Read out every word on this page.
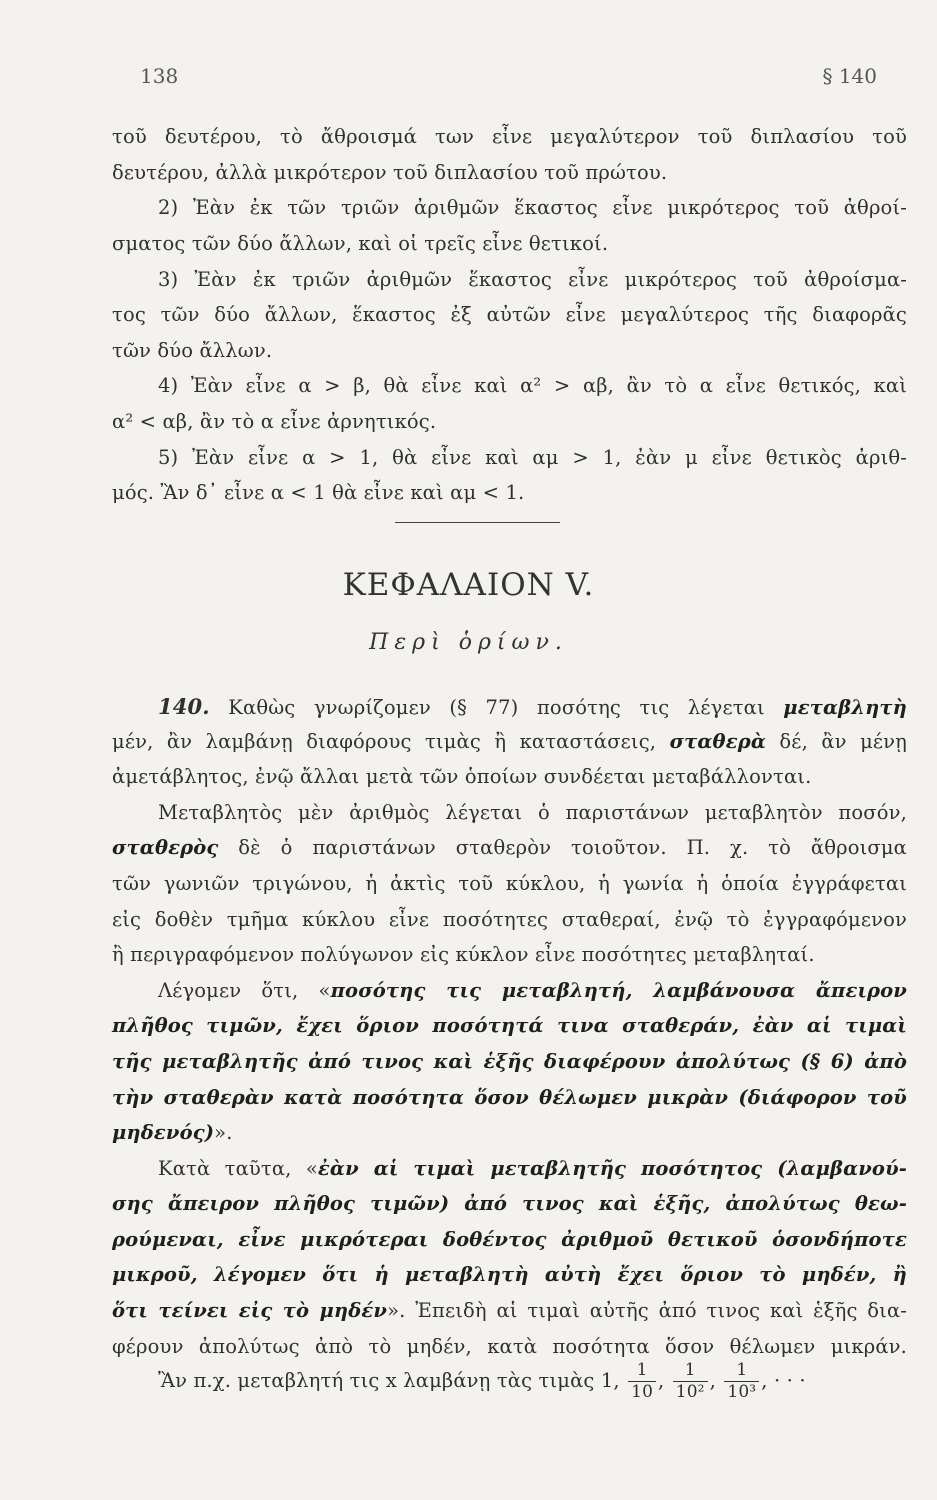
138	§ 140
τοῦ δευτέρου, τὸ ἄθροισμά των εἶνε μεγαλύτερον τοῦ διπλασίου τοῦ
δευτέρου, ἀλλὰ μικρότερον τοῦ διπλασίου τοῦ πρώτου.
2) Ἐὰν ἐκ τῶν τριῶν ἀριθμῶν ἕκαστος εἶνε μικρότερος τοῦ ἀθροί-
σματος τῶν δύο ἄλλων, καὶ οἱ τρεῖς εἶνε θετικοί.
3) Ἐὰν ἐκ τριῶν ἀριθμῶν ἕκαστος εἶνε μικρότερος τοῦ ἀθροίσμα-
τος τῶν δύο ἄλλων, ἕκαστος ἐξ αὐτῶν εἶνε μεγαλύτερος τῆς διαφορᾶς
τῶν δύο ἄλλων.
4) Ἐὰν εἶνε α > β, θὰ εἶνε καὶ α² > αβ, ἂν τὸ α εἶνε θετικός, καὶ
α² < αβ, ἂν τὸ α εἶνε ἀρνητικός.
5) Ἐὰν εἶνε α > 1, θὰ εἶνε καὶ αμ > 1, ἐὰν μ εἶνε θετικὸς ἀριθ-
μός. Ἂν δ᾽ εἶνε α < 1 θὰ εἶνε καὶ αμ < 1.
ΚΕΦΑΛΑΙΟΝ V.
Περὶ ὁρίων.
140. Καθὼς γνωρίζομεν (§ 77) ποσότης τις λέγεται μεταβλητὴ
μέν, ἂν λαμβάνῃ διαφόρους τιμὰς ἢ καταστάσεις, σταθερὰ δέ, ἂν μένῃ
ἀμετάβλητος, ἐνῷ ἄλλαι μετὰ τῶν ὁποίων συνδέεται μεταβάλλονται.
Μεταβλητὸς μὲν ἀριθμὸς λέγεται ὁ παριστάνων μεταβλητὸν ποσόν,
σταθερὸς δὲ ὁ παριστάνων σταθερὸν τοιοῦτον. Π. χ. τὸ ἄθροισμα
τῶν γωνιῶν τριγώνου, ἡ ἀκτὶς τοῦ κύκλου, ἡ γωνία ἡ ὁποία ἐγγράφεται
εἰς δοθὲν τμῆμα κύκλου εἶνε ποσότητες σταθεραί, ἐνῷ τὸ ἐγγραφόμενον
ἢ περιγραφόμενον πολύγωνον εἰς κύκλον εἶνε ποσότητες μεταβληταί.
Λέγομεν ὅτι, «ποσότης τις μεταβλητή, λαμβάνουσα ἄπειρον
πλῆθος τιμῶν, ἔχει ὅριον ποσότητά τινα σταθεράν, ἐὰν αἱ τιμαὶ
τῆς μεταβλητῆς ἀπό τινος καὶ ἑξῆς διαφέρουν ἀπολύτως (§ 6) ἀπὸ
τὴν σταθερὰν κατὰ ποσότητα ὅσον θέλωμεν μικρὰν (διάφορον τοῦ
μηδενός)».
Κατὰ ταῦτα, «ἐὰν αἱ τιμαὶ μεταβλητῆς ποσότητος (λαμβανού-
σης ἄπειρον πλῆθος τιμῶν) ἀπό τινος καὶ ἑξῆς, ἀπολύτως θεω-
ρούμεναι, εἶνε μικρότεραι δοθέντος ἀριθμοῦ θετικοῦ ὁσονδήποτε
μικροῦ, λέγομεν ὅτι ἡ μεταβλητὴ αὐτὴ ἔχει ὅριον τὸ μηδέν, ἢ
ὅτι τείνει εἰς τὸ μηδέν». Ἐπειδὴ αἱ τιμαὶ αὐτῆς ἀπό τινος καὶ ἑξῆς δια-
φέρουν ἀπολύτως ἀπὸ τὸ μηδέν, κατὰ ποσότητα ὅσον θέλωμεν μικράν.
Ἂν π.χ. μεταβλητή τις x λαμβάνῃ τὰς τιμὰς 1, $\frac{1}{10}$ , $\frac{1}{\text{10²}}$ , $\frac{1}{\text{10³}}$ , · · ·
